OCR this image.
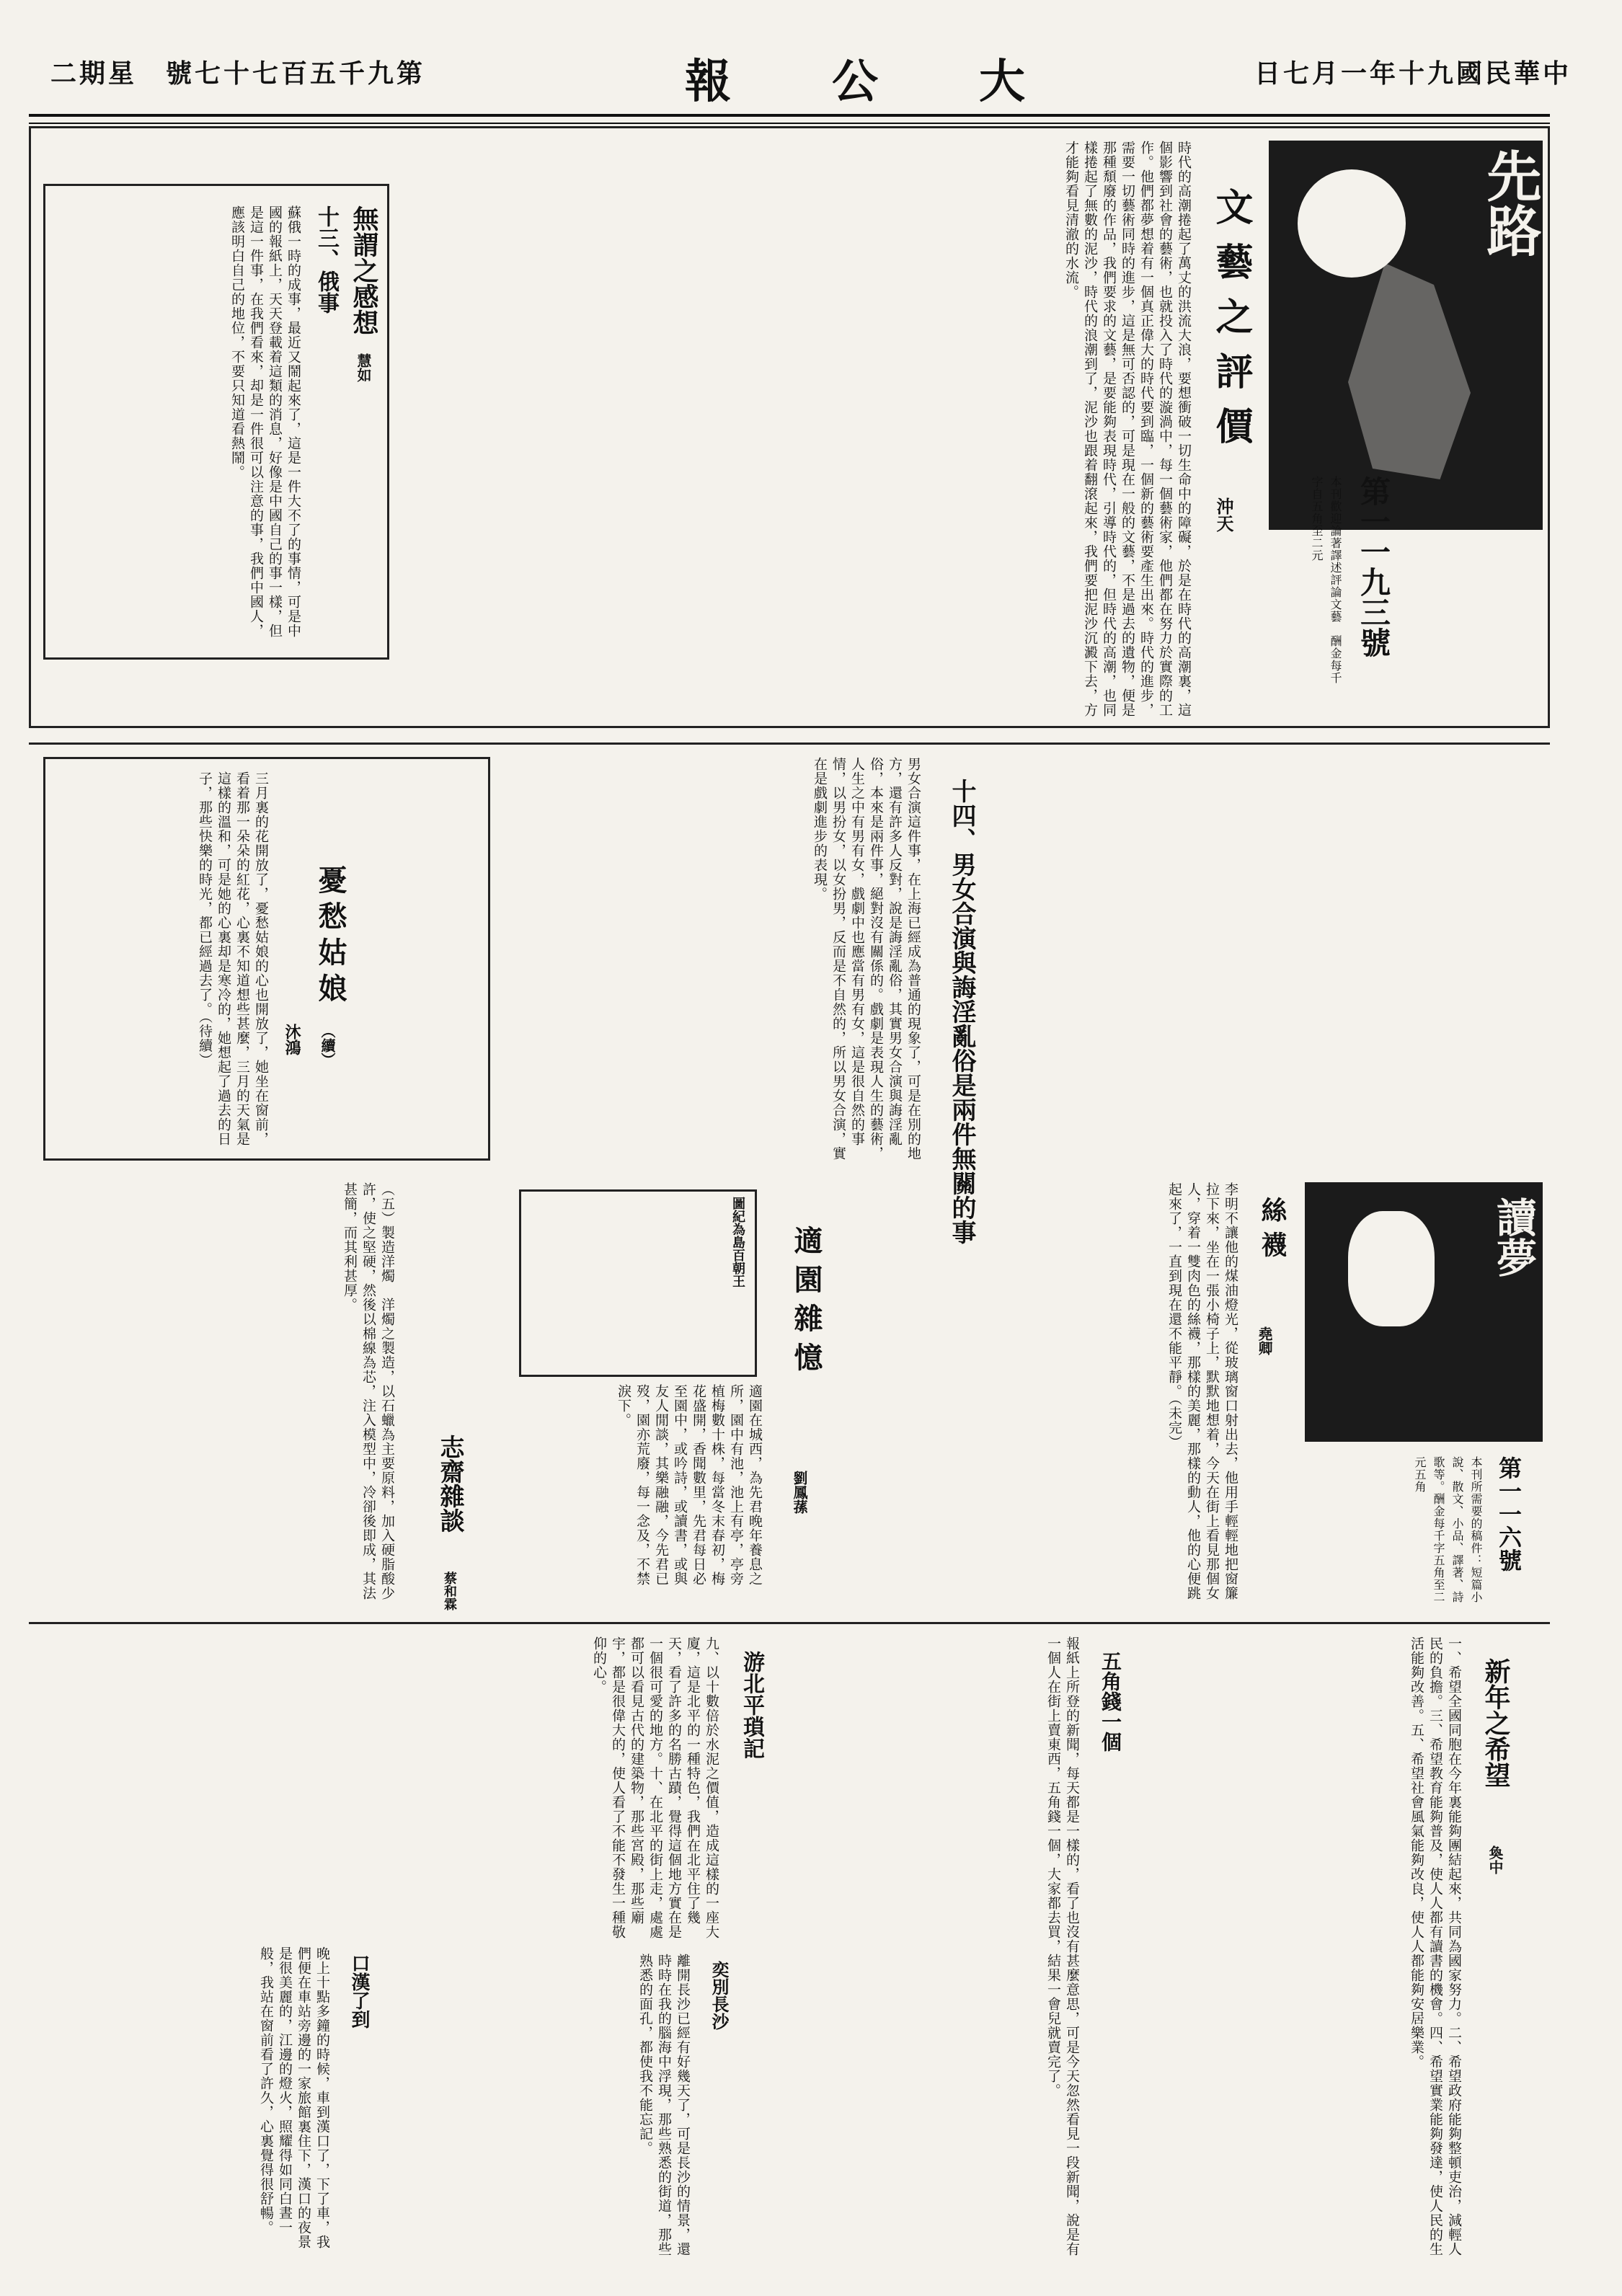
二期星　號七十七百五千九第	報公大	日七月一年十九國民華中
先路
第一一九三號
本刊歡迎論著譯述評論文藝　酬金每千字自五角至二元
文藝之評價
沖天
時代的高潮捲起了萬丈的洪流大浪，要想衝破一切生命中的障礙，於是在時代的高潮裏，這個影響到社會的藝術，也就投入了時代的漩渦中，每一個藝術家，他們都在努力於實際的工作。他們都夢想着有一個真正偉大的時代要到臨，一個新的藝術要產生出來。時代的進步，需要一切藝術同時的進步，這是無可否認的，可是現在一般的文藝，不是過去的遺物，便是那種頹廢的作品，我們要求的文藝，是要能夠表現時代，引導時代的，但時代的高潮，也同樣捲起了無數的泥沙，時代的浪潮到了，泥沙也跟着翻滾起來，我們要把泥沙沉澱下去，方才能夠看見清澈的水流。
無謂之感想
慧如
十三、俄事
蘇俄一時的成事，最近又鬧起來了，這是一件大不了的事情，可是中國的報紙上，天天登載着這類的消息，好像是中國自己的事一樣，但是這一件事，在我們看來，却是一件很可以注意的事，我們中國人，應該明白自己的地位，不要只知道看熱鬧。
十四、男女合演與誨淫亂俗是兩件無關的事
男女合演這件事，在上海已經成為普通的現象了，可是在別的地方，還有許多人反對，說是誨淫亂俗，其實男女合演與誨淫亂俗，本來是兩件事，絕對沒有關係的。戲劇是表現人生的藝術，人生之中有男有女，戲劇中也應當有男有女，這是很自然的事情，以男扮女，以女扮男，反而是不自然的，所以男女合演，實在是戲劇進步的表現。
憂愁姑娘
（續）
沐鴻
三月裏的花開放了，憂愁姑娘的心也開放了，她坐在窗前，看着那一朵朵的紅花，心裏不知道想些甚麼，三月的天氣是這樣的溫和，可是她的心裏却是寒冷的，她想起了過去的日子，那些快樂的時光，都已經過去了。（待續）
讀夢
第一一六號
本刊所需要的稿件：短篇小說、散文、小品、譯著、詩歌等。酬金每千字五角至二元五角
絲襪
堯卿
李明不讓他的煤油燈光，從玻璃窗口射出去，他用手輕輕地把窗簾拉下來，坐在一張小椅子上，默默地想着，今天在街上看見那個女人，穿着一雙肉色的絲襪，那樣的美麗，那樣的動人，他的心便跳起來了，一直到現在還不能平靜。（未完）
適園雜憶
劉鳳蓀
圖紀為島百朝王
適園在城西，為先君晚年養息之所，園中有池，池上有亭，亭旁植梅數十株，每當冬末春初，梅花盛開，香聞數里，先君每日必至園中，或吟詩，或讀書，或與友人閒談，其樂融融，今先君已歿，園亦荒廢，每一念及，不禁淚下。
志齋雜談
蔡和霖
（五）製造洋燭　洋燭之製造，以石蠟為主要原料，加入硬脂酸少許，使之堅硬，然後以棉線為芯，注入模型中，冷卻後即成，其法甚簡，而其利甚厚。
新年之希望
奐中
一、希望全國同胞在今年裏能夠團結起來，共同為國家努力。二、希望政府能夠整頓吏治，減輕人民的負擔。三、希望教育能夠普及，使人人都有讀書的機會。四、希望實業能夠發達，使人民的生活能夠改善。五、希望社會風氣能夠改良，使人人都能夠安居樂業。
五角錢一個
報紙上所登的新聞，每天都是一樣的，看了也沒有甚麼意思，可是今天忽然看見一段新聞，說是有一個人在街上賣東西，五角錢一個，大家都去買，結果一會兒就賣完了。
游北平瑣記
九、以十數倍於水泥之價值，造成這樣的一座大廈，這是北平的一種特色，我們在北平住了幾天，看了許多的名勝古蹟，覺得這個地方實在是一個很可愛的地方。十、在北平的街上走，處處都可以看見古代的建築物，那些宮殿，那些廟宇，都是很偉大的，使人看了不能不發生一種敬仰的心。
口漢了到
晚上十點多鐘的時候，車到漢口了，下了車，我們便在車站旁邊的一家旅館裏住下，漢口的夜景是很美麗的，江邊的燈火，照耀得如同白晝一般，我站在窗前看了許久，心裏覺得很舒暢。	奕別長沙
離開長沙已經有好幾天了，可是長沙的情景，還時時在我的腦海中浮現，那些熟悉的街道，那些熟悉的面孔，都使我不能忘記。
